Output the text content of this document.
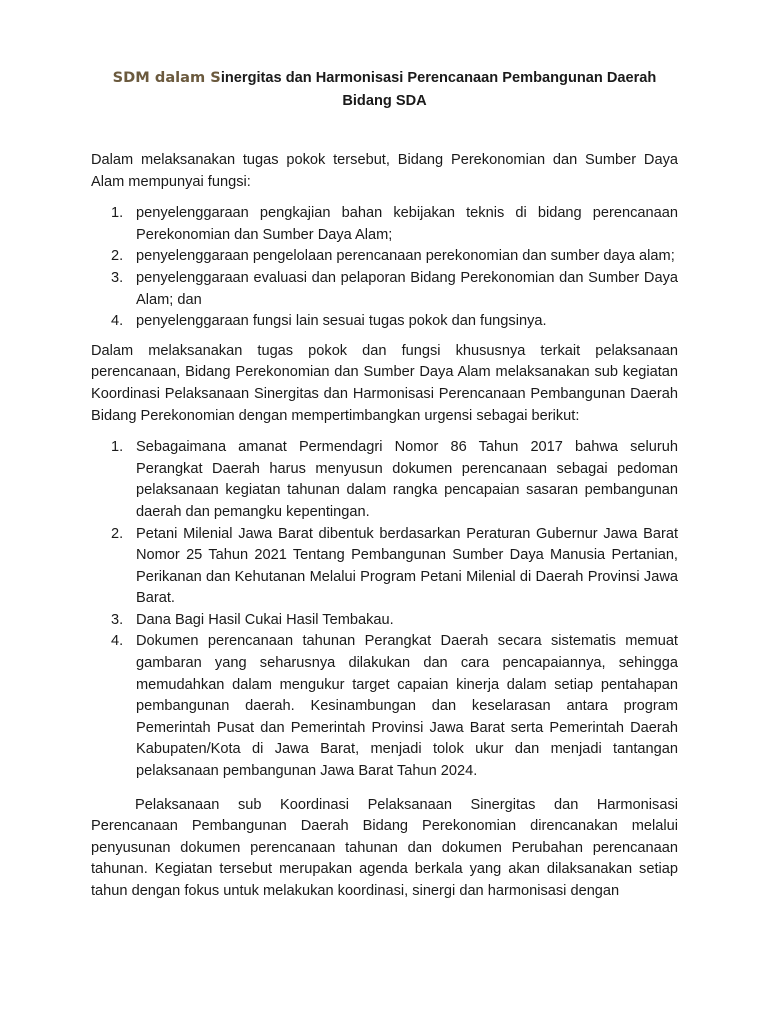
SDM dalam Sinergitas dan Harmonisasi Perencanaan Pembangunan Daerah
Bidang SDA

Dalam melaksanakan tugas pokok tersebut, Bidang Perekonomian dan Sumber Daya Alam mempunyai fungsi:

1. penyelenggaraan pengkajian bahan kebijakan teknis di bidang perencanaan Perekonomian dan Sumber Daya Alam;
2. penyelenggaraan pengelolaan perencanaan perekonomian dan sumber daya alam;
3. penyelenggaraan evaluasi dan pelaporan Bidang Perekonomian dan Sumber Daya Alam; dan
4. penyelenggaraan fungsi lain sesuai tugas pokok dan fungsinya.

Dalam melaksanakan tugas pokok dan fungsi khususnya terkait pelaksanaan perencanaan, Bidang Perekonomian dan Sumber Daya Alam melaksanakan sub kegiatan Koordinasi Pelaksanaan Sinergitas dan Harmonisasi Perencanaan Pembangunan Daerah Bidang Perekonomian dengan mempertimbangkan urgensi sebagai berikut:

1. Sebagaimana amanat Permendagri Nomor 86 Tahun 2017 bahwa seluruh Perangkat Daerah harus menyusun dokumen perencanaan sebagai pedoman pelaksanaan kegiatan tahunan dalam rangka pencapaian sasaran pembangunan daerah dan pemangku kepentingan.
2. Petani Milenial Jawa Barat dibentuk berdasarkan Peraturan Gubernur Jawa Barat Nomor 25 Tahun 2021 Tentang Pembangunan Sumber Daya Manusia Pertanian, Perikanan dan Kehutanan Melalui Program Petani Milenial di Daerah Provinsi Jawa Barat.
3. Dana Bagi Hasil Cukai Hasil Tembakau.
4. Dokumen perencanaan tahunan Perangkat Daerah secara sistematis memuat gambaran yang seharusnya dilakukan dan cara pencapaiannya, sehingga memudahkan dalam mengukur target capaian kinerja dalam setiap pentahapan pembangunan daerah. Kesinambungan dan keselarasan antara program Pemerintah Pusat dan Pemerintah Provinsi Jawa Barat serta Pemerintah Daerah Kabupaten/Kota di Jawa Barat, menjadi tolok ukur dan menjadi tantangan pelaksanaan pembangunan Jawa Barat Tahun 2024.

Pelaksanaan sub Koordinasi Pelaksanaan Sinergitas dan Harmonisasi Perencanaan Pembangunan Daerah Bidang Perekonomian direncanakan melalui penyusunan dokumen perencanaan tahunan dan dokumen Perubahan perencanaan tahunan. Kegiatan tersebut merupakan agenda berkala yang akan dilaksanakan setiap tahun dengan fokus untuk melakukan koordinasi, sinergi dan harmonisasi dengan
